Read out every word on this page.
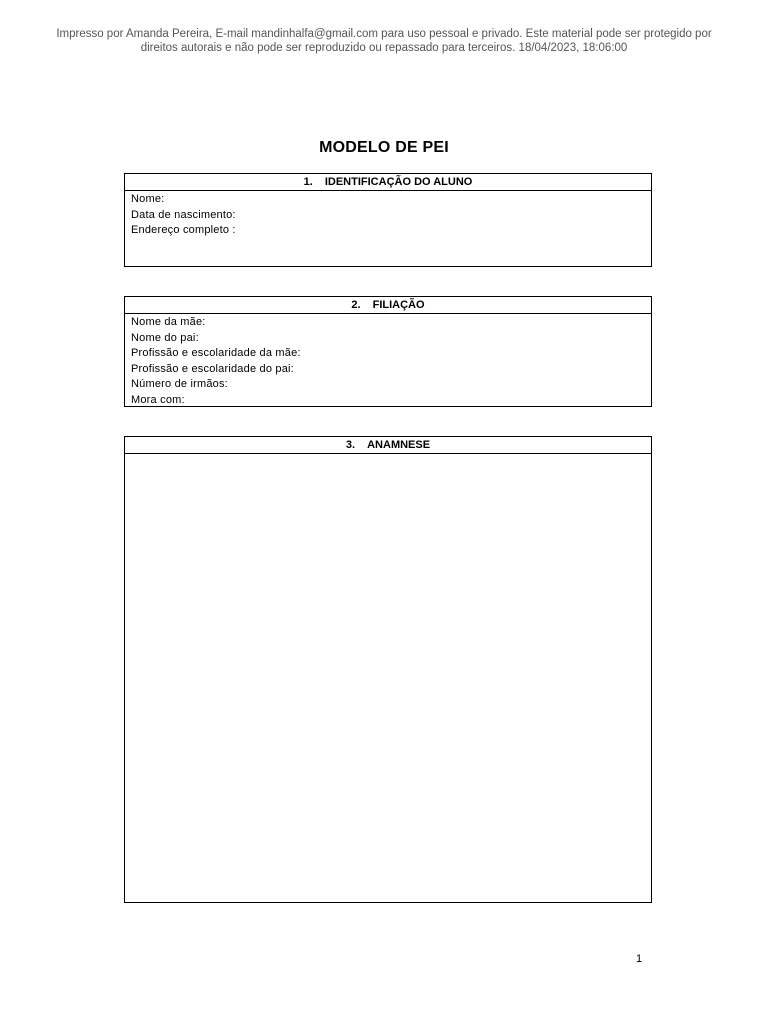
Impresso por Amanda Pereira, E-mail mandinhalfa@gmail.com para uso pessoal e privado. Este material pode ser protegido por
direitos autorais e não pode ser reproduzido ou repassado para terceiros. 18/04/2023, 18:06:00
MODELO DE PEI
1. IDENTIFICAÇÃO DO ALUNO
Nome:
Data de nascimento:
Endereço completo :
2. FILIAÇÃO
Nome da mãe:
Nome do pai:
Profissão e escolaridade da mãe:
Profissão e escolaridade do pai:
Número de irmãos:
Mora com:
3. ANAMNESE
1
